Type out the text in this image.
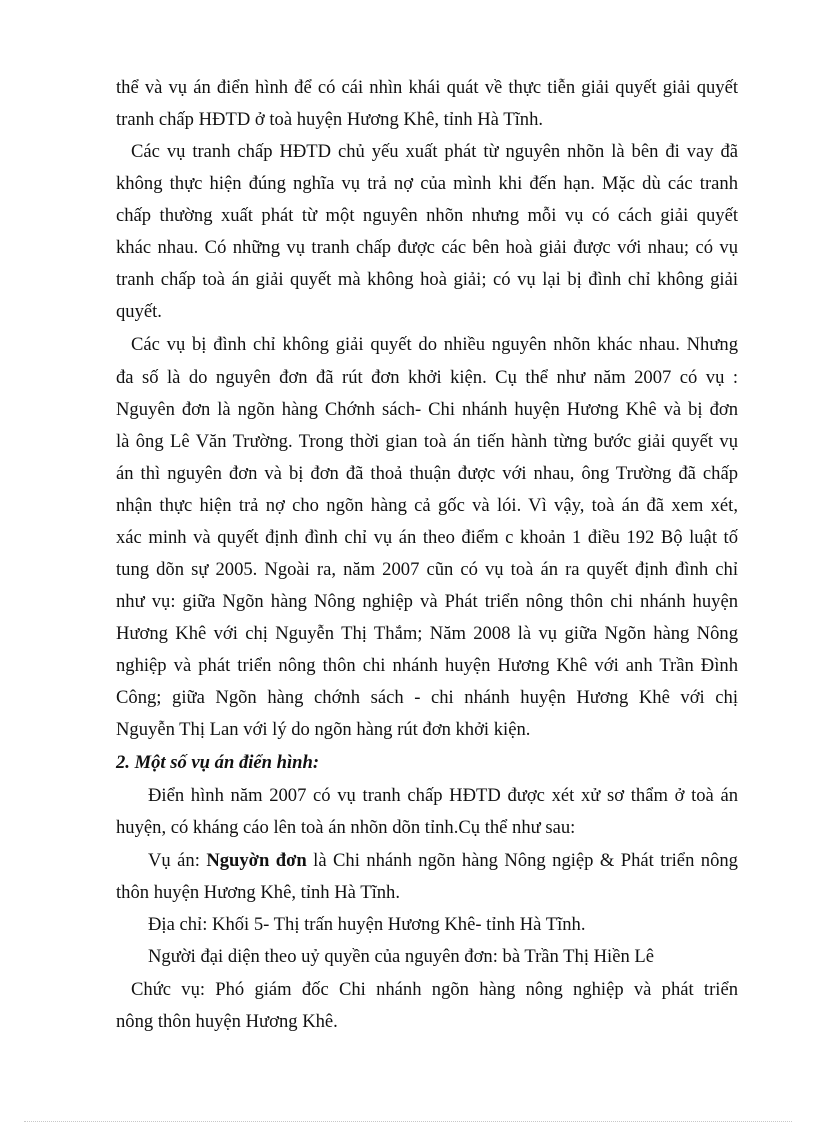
thể và vụ án điển hình để có cái nhìn khái quát về thực tiễn giải quyết giải quyết
tranh chấp HĐTD ở toà huyện Hương Khê, tỉnh Hà Tĩnh.
Các vụ tranh chấp HĐTD chủ yếu xuất phát từ nguyên nhõn là bên đi vay đã
không thực hiện đúng nghĩa vụ trả nợ của mình khi đến hạn. Mặc dù các tranh
chấp thường xuất phát từ một nguyên nhõn nhưng mỗi vụ có cách giải quyết
khác nhau. Có những vụ tranh chấp được các bên hoà giải được với nhau; có vụ
tranh chấp toà án giải quyết mà không hoà giải; có vụ lại bị đình chỉ không giải
quyết.
Các vụ bị đình chỉ không giải quyết do nhiều nguyên nhõn khác nhau. Nhưng
đa số là do nguyên đơn đã rút đơn khởi kiện. Cụ thể như năm 2007 có vụ :
Nguyên đơn là ngõn hàng Chớnh sách- Chi nhánh huyện Hương Khê và bị đơn
là ông Lê Văn Trường. Trong thời gian toà án tiến hành từng bước giải quyết vụ
án thì nguyên đơn và bị đơn đã thoả thuận được với nhau, ông Trường đã chấp
nhận thực hiện trả nợ cho ngõn hàng cả gốc và lói. Vì vậy, toà án đã xem xét,
xác minh và quyết định đình chỉ vụ án theo điểm c khoản 1 điều 192 Bộ luật tố
tung dõn sự 2005. Ngoài ra, năm 2007 cũn có vụ toà án ra quyết định đình chỉ
như vụ: giữa Ngõn hàng Nông nghiệp và Phát triển nông thôn chi nhánh huyện
Hương Khê với chị Nguyễn Thị Thắm; Năm 2008 là vụ giữa Ngõn hàng Nông
nghiệp và phát triển nông thôn chi nhánh huyện Hương Khê với anh Trần Đình
Công; giữa Ngõn hàng chớnh sách - chi nhánh huyện Hương Khê với chị
Nguyễn Thị Lan với lý do ngõn hàng rút đơn khởi kiện.
2. Một số vụ án điển hình:
Điển hình năm 2007 có vụ tranh chấp HĐTD được xét xử sơ thẩm ở toà án
huyện, có kháng cáo lên toà án nhõn dõn tỉnh.Cụ thể như sau:
Vụ án: Nguyờn đơn là Chi nhánh ngõn hàng Nông ngiệp & Phát triển nông
thôn huyện Hương Khê, tỉnh Hà Tĩnh.
Địa chỉ: Khối 5- Thị trấn huyện Hương Khê- tỉnh Hà Tĩnh.
Người đại diện theo uỷ quyền của nguyên đơn: bà Trần Thị Hiền Lê
Chức vụ: Phó giám đốc Chi nhánh ngõn hàng nông nghiệp và phát triển
nông thôn huyện Hương Khê.
